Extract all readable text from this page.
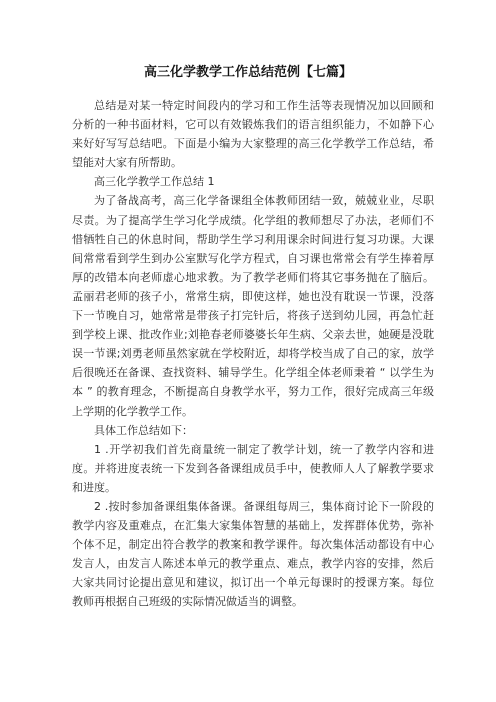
高三化学教学工作总结范例【七篇】

总结是对某一特定时间段内的学习和工作生活等表现情况加以回顾和分析的一种书面材料，它可以有效锻炼我们的语言组织能力，不如静下心来好好写写总结吧。下面是小编为大家整理的高三化学教学工作总结，希望能对大家有所帮助。

高三化学教学工作总结 1

为了备战高考，高三化学备课组全体教师团结一致，兢兢业业，尽职尽责。为了提高学生学习化学成绩。化学组的教师想尽了办法，老师们不惜牺牲自己的休息时间，帮助学生学习利用课余时间进行复习功课。大课间常常看到学生到办公室默写化学方程式，自习课也常常会有学生捧着厚厚的改错本向老师虚心地求教。为了教学老师们将其它事务抛在了脑后。孟丽君老师的孩子小，常常生病，即使这样，她也没有耽误一节课，没落下一节晚自习，她常常是带孩子打完针后，将孩子送到幼儿园，再急忙赶到学校上课、批改作业;刘艳春老师婆婆长年生病、父亲去世，她硬是没耽误一节课;刘勇老师虽然家就在学校附近，却将学校当成了自己的家，放学后很晚还在备课、查找资料、辅导学生。化学组全体老师秉着 “ 以学生为本 ” 的教育理念，不断提高自身教学水平，努力工作，很好完成高三年级上学期的化学教学工作。

具体工作总结如下：

1 .开学初我们首先商量统一制定了教学计划，统一了教学内容和进度。并将进度表统一下发到各备课组成员手中，使教师人人了解教学要求和进度。

2 .按时参加备课组集体备课。备课组每周三，集体商讨论下一阶段的教学内容及重难点，在汇集大家集体智慧的基础上，发挥群体优势，弥补个体不足，制定出符合教学的教案和教学课件。每次集体活动都设有中心发言人，由发言人陈述本单元的教学重点、难点，教学内容的安排，然后大家共同讨论提出意见和建议，拟订出一个单元每课时的授课方案。每位教师再根据自己班级的实际情况做适当的调整。
